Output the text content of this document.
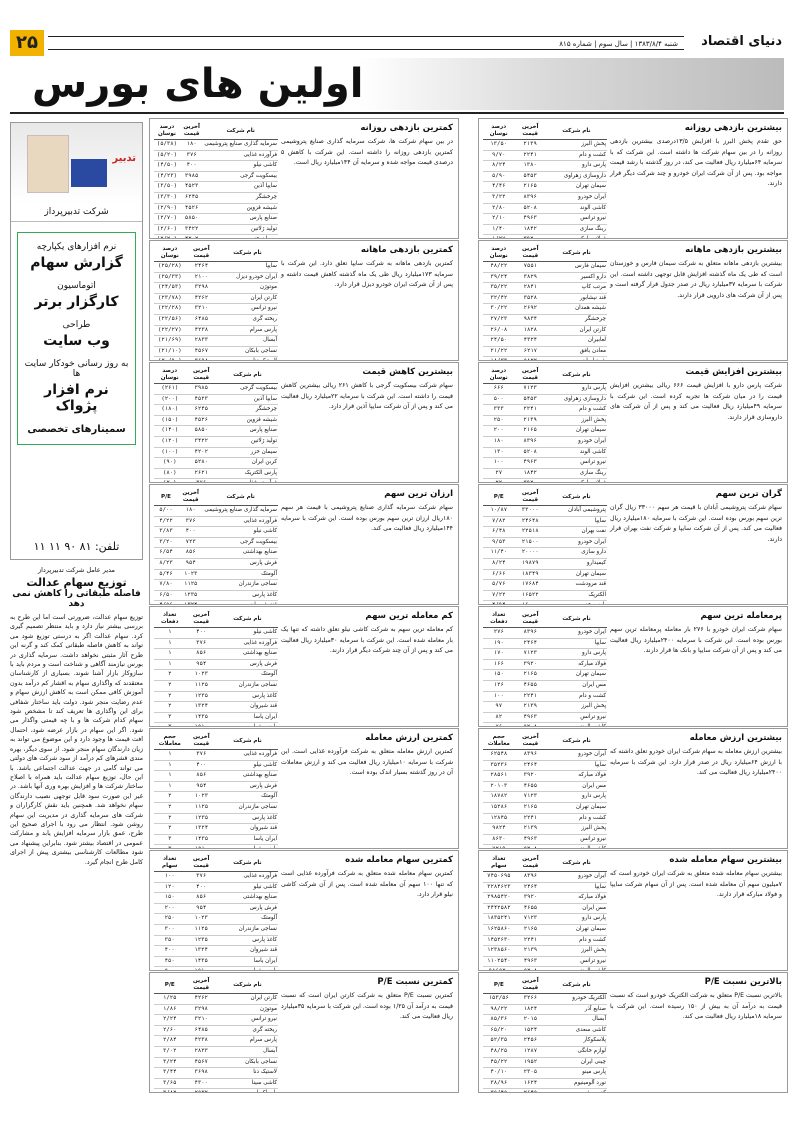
۲۵	شنبه ۱۳۸۳/۸/۴ | سال سوم | شماره ۸۱۵	دنیای اقتصاد
اولین های بورس
تدبیر
شرکت تدبیرپرداز
نرم افزارهای یکپارچه
گزارش سهام
اتوماسیون
کارگزار برتر
طراحی
وب سایت
به روز رسانی خودکار سایت ها
نرم افزار پژواک
سمینارهای تخصصی
تلفن: ۸۱ ۹۰ ۱۱ ۱۱
مدیر عامل شرکت تدبیرپرداز
توزیع سهام عدالت
فاصله طبقاتی را کاهش نمی دهد

توزیع سهام عدالت، ضرورتی است اما این طرح به بررسی بیشتر نیاز دارد و باید منتظر تصمیم گیری کرد. سهام عدالت اگر به درستی توزیع شود می تواند به کاهش فاصله طبقاتی کمک کند و گرنه این طرح آثار مثبتی نخواهد داشت. سرمایه گذاری در بورس نیازمند آگاهی و شناخت است و مردم باید با سازوکار بازار آشنا شوند. بسیاری از کارشناسان معتقدند که واگذاری سهام به اقشار کم درآمد بدون آموزش کافی ممکن است به کاهش ارزش سهام و عدم رضایت منجر شود. دولت باید ساختار شفافی برای این واگذاری ها تعریف کند تا مشخص شود سهام کدام شرکت ها و با چه قیمتی واگذار می شود. اگر این سهام در بازار عرضه شود، احتمال افت قیمت ها وجود دارد و این موضوع می تواند به زیان دارندگان سهام منجر شود. از سوی دیگر، بهره مندی قشرهای کم درآمد از سود شرکت های دولتی می تواند گامی در جهت عدالت اجتماعی باشد. با این حال، توزیع سهام عدالت باید همراه با اصلاح ساختار شرکت ها و افزایش بهره وری آنها باشد. در غیر این صورت سود قابل توجهی نصیب دارندگان سهام نخواهد شد. همچنین باید نقش کارگزاران و شرکت های سرمایه گذاری در مدیریت این سهام روشن شود. انتظار می رود با اجرای صحیح این طرح، عمق بازار سرمایه افزایش یابد و مشارکت عمومی در اقتصاد بیشتر شود. بنابراین پیشنهاد می شود مطالعات کارشناسی بیشتری پیش از اجرای کامل طرح انجام گیرد.

نام شرکت	آخرین قیمت	درصد نوسان
پخش البرز	۲۱۳۹	۱۳/۵۰
کشت و دام	۲۲۴۱	۹/۷۰
پارس دارو	۱۳۸۰	۸/۲۴
داروسازی زهراوی	۵۴۵۳	۵/۹۰
سیمان تهران	۲۱۶۵	۴/۴۶
ایران خودرو	۸۳۹۶	۳/۲۲
کاشی الوند	۵۲۰۸	۲/۸۰
نیرو ترانس	۴۹۶۳	۲/۱۰
رینگ سازی	۱۸۴۲	۱/۴۰

بیشترین بازدهی روزانه

حق تقدم پخش البرز با افزایش ۱۳/۵درصدی بیشترین بازدهی روزانه را در بین سهام شرکت ها داشته است. این شرکت که با سرمایه ۶۴میلیارد ریال فعالیت می کند، در روز گذشته با رشد قیمت مواجه بود. پس از آن شرکت ایران خودرو و چند شرکت دیگر قرار دارند.

نام شرکت	آخرین قیمت	درصد نوسان
سیمان فارس	۷۵۵۱	۴۸/۲۲
دارو اکسیر	۳۸۲۹	۳۹/۲۴
مرتب کاپ	۲۸۴۱	۳۵/۲۲
قند نیشابور	۳۵۲۸	۳۲/۴۲
شیشه همدان	۲۶۹۲	۳۰/۲۲
چرخشگر	۹۸۳۴	۲۷/۲۳
کارتن ایران	۱۸۲۸	۲۶/۰۸
لعابیران	۴۳۲۴	۲۴/۵۰
معادن بافق	۶۲۱۷	۲۱/۲۲

بیشترین بازدهی ماهانه

بیشترین بازدهی ماهانه متعلق به شرکت سیمان فارس و خوزستان است که طی یک ماه گذشته افزایش قابل توجهی داشته است. این شرکت با سرمایه ۳۷میلیارد ریال در صدر جدول قرار گرفته است و پس از آن شرکت های دارویی قرار دارند.

نام شرکت	آخرین قیمت	درصد نوسان
پارس دارو	۷۱۲۳	۶۶۶
داروسازی زهراوی	۵۴۵۳	۵۰۰
کشت و دام	۲۲۴۱	۳۳۳
پخش البرز	۲۱۳۹	۲۵۰
سیمان تهران	۲۱۶۵	۲۰۰
ایران خودرو	۸۳۹۶	۱۸۰
کاشی الوند	۵۲۰۸	۱۳۰
نیرو ترانس	۴۹۶۳	۱۰۰
رینگ سازی	۱۸۴۲	۲۷

بیشترین افزایش قیمت

شرکت پارس دارو با افزایش قیمت ۶۶۶ ریالی بیشترین افزایش قیمت را در میان شرکت ها تجربه کرده است. این شرکت با سرمایه ۴۹میلیارد ریال فعالیت می کند و پس از آن شرکت های داروسازی قرار دارند.

نام شرکت	آخرین قیمت	P/E
پتروشیمی آبادان	۳۳۰۰۰	۱۰/۸۷
سایپا	۲۴۶۴۸	۷/۸۲
نفت بهران	۲۲۵۱۸	۶/۴۸
ایران خودرو	۲۱۵۰۰	۹/۵۳
دارو سازی	۲۰۰۰۰	۱۱/۴۰
کیمیدارو	۱۹۸۷۹	۸/۲۴
سیمان تهران	۱۸۳۴۹	۶/۶۶
قند مرودشت	۱۷۶۸۴	۵/۷۶
الکتریک	۱۶۵۲۲	۷/۲۲

گران ترین سهم

سهام شرکت پتروشیمی آبادان با قیمت هر سهم ۳۳۰۰۰ ریال گران ترین سهم بورس بوده است. این شرکت با سرمایه ۱۸۰میلیارد ریال فعالیت می کند. پس از آن شرکت سایپا و شرکت نفت بهران قرار دارند.

نام شرکت	آخرین قیمت	تعداد دفعات
ایران خودرو	۸۳۹۶	۲۷۶
سایپا	۲۴۶۴	۱۹۰
پارس دارو	۷۱۲۳	۱۷۰
فولاد مبارکه	۳۹۲۰	۱۶۶
سیمان تهران	۲۱۶۵	۱۵۰
مس ایران	۴۶۵۵	۱۲۶
کشت و دام	۲۲۴۱	۱۰۰
پخش البرز	۲۱۳۹	۹۷
نیرو ترانس	۴۹۶۳	۸۲

پرمعامله ترین سهم

سهام شرکت ایران خودرو با ۲۷۶ بار معامله پرمعامله ترین سهم بورس بوده است. این شرکت با سرمایه ۲۴۰۰میلیارد ریال فعالیت می کند و پس از آن شرکت سایپا و بانک ها قرار دارند.

نام شرکت	آخرین قیمت	حجم معاملات
ایران خودرو	۸۳۹۶	۶۲۵۴۸
سایپا	۲۴۶۴	۳۵۲۳۶
فولاد مبارکه	۳۹۲۰	۲۸۵۶۱
مس ایران	۴۶۵۵	۲۰۱۰۳
پارس دارو	۷۱۲۳	۱۸۷۸۲
سیمان تهران	۲۱۶۵	۱۵۲۸۶
کشت و دام	۲۲۴۱	۱۲۸۴۵
پخش البرز	۲۱۳۹	۹۸۲۴
نیرو ترانس	۴۹۶۳	۸۶۳۰

بیشترین ارزش معامله

بیشترین ارزش معامله به سهام شرکت ایران خودرو تعلق داشته که با ارزش ۶۴میلیارد ریال در صدر قرار دارد. این شرکت با سرمایه ۲۴۰۰میلیارد ریال فعالیت می کند.

نام شرکت	آخرین قیمت	تعداد سهام
ایران خودرو	۸۳۹۶	۷۴۵۰۶۹۵
سایپا	۲۴۶۴	۳۲۸۴۶۲۳
فولاد مبارکه	۳۹۲۰	۲۹۸۵۴۲۰
مس ایران	۴۶۵۵	۲۴۴۲۵۸۲
پارس دارو	۷۱۲۳	۱۸۳۵۲۴۱
سیمان تهران	۲۱۶۵	۱۶۲۵۸۶۰
کشت و دام	۲۲۴۱	۱۴۵۲۶۳۰
پخش البرز	۲۱۳۹	۱۲۳۸۵۶۰
نیرو ترانس	۴۹۶۳	۱۱۰۲۵۴۰

بیشترین سهام معامله شده

بیشترین سهام معامله شده متعلق به شرکت ایران خودرو است که ۷میلیون سهم آن معامله شده است. پس از آن سهام شرکت سایپا و فولاد مبارکه قرار دارند.

نام شرکت	آخرین قیمت	P/E
الکتریک خودرو	۳۲۶۶	۱۵۳/۵۶
صنایع آذر	۱۸۲۴	۹۸/۲۲
آبسال	۲۰۱۵	۸۵/۳۶
کاشی سعدی	۱۵۲۴	۶۵/۲۰
پلاسکوکار	۲۴۵۶	۵۲/۳۵
لوازم خانگی	۱۲۸۷	۴۸/۲۵
چینی ایران	۱۹۵۲	۴۵/۲۲
پارس مینو	۲۳۰۵	۴۰/۱۰
نورد آلومینیوم	۱۶۲۴	۳۸/۹۶

بالاترین نسبت P/E

بالاترین نسبت P/E متعلق به شرکت الکتریک خودرو است که نسبت قیمت به درآمد آن به بیش از ۱۵۰ رسیده است. این شرکت با سرمایه ۱۸میلیارد ریال فعالیت می کند.

نام شرکت	آخرین قیمت	درصد نوسان
سرمایه گذاری صنایع پتروشیمی	۱۸۰	(۵/۳۸)
فرآورده غذایی	۳۷۶	(۵/۲۰)
کاشی نیلو	۴۰۰	(۴/۵۰)
بیسکویت گرجی	۳۹۸۵	(۴/۲۳)
سایپا آذین	۴۵۲۳	(۳/۵۰)
چرخشگر	۶۲۴۵	(۳/۳۰)
شیشه قزوین	۴۵۲۶	(۲/۹۰)
صنایع پارس	۵۸۵۰	(۲/۷۰)
تولید ژلاتین	۳۴۲۲	(۲/۶۰)

کمترین بازدهی روزانه

در بین سهام شرکت ها، شرکت سرمایه گذاری صنایع پتروشیمی کمترین بازدهی روزانه را داشته است. این شرکت با کاهش ۵ درصدی قیمت مواجه شده و سرمایه آن ۱۴۴میلیارد ریال است.

نام شرکت	آخرین قیمت	درصد نوسان
سایپا	۲۴۶۴	(۲۵/۲۸)
ایران خودرو دیزل	۲۱۰۰	(۲۵/۳۳)
موتوژن	۳۲۹۸	(۲۴/۵۳)
کارتن ایران	۴۲۶۲	(۲۳/۷۸)
نیرو ترانس	۳۲۱۰	(۲۲/۲۸)
ریخته گری	۶۴۸۵	(۲۲/۵۶)
پارس سرام	۴۲۳۸	(۲۲/۲۷)
آبسال	۲۸۳۳	(۲۱/۶۹)
نساجی بابکان	۴۵۶۷	(۲۱/۱۰)

کمترین بازدهی ماهانه

کمترین بازدهی ماهانه به شرکت سایپا تعلق دارد. این شرکت با سرمایه ۱۷۳میلیارد ریال طی یک ماه گذشته کاهش قیمت داشته و پس از آن شرکت ایران خودرو دیزل قرار دارد.

نام شرکت	آخرین قیمت	درصد نوسان
بیسکویت گرجی	۳۹۸۵	(۲۶۱)
سایپا آذین	۴۵۲۳	(۲۰۰)
چرخشگر	۶۲۴۵	(۱۸۰)
شیشه قزوین	۴۵۲۶	(۱۵۰)
صنایع پارس	۵۸۵۰	(۱۴۰)
تولید ژلاتین	۳۴۲۲	(۱۲۰)
سیمان خزر	۴۲۰۲	(۱۰۰)
کربن ایران	۵۲۸۰	(۹۰)
پارس الکتریک	۲۶۲۱	(۸۰)

بیشترین کاهش قیمت

سهام شرکت بیسکویت گرجی با کاهش ۲۶۱ ریالی بیشترین کاهش قیمت را داشته است. این شرکت با سرمایه ۲۲میلیارد ریال فعالیت می کند و پس از آن شرکت سایپا آذین قرار دارد.

نام شرکت	آخرین قیمت	P/E
سرمایه گذاری صنایع پتروشیمی	۱۸۰	۵/۰۰
فرآورده غذایی	۳۷۶	۴/۲۲
کاشی نیلو	۴۰۰	۳/۸۳
بیسکویت گرجی	۷۲۳	۳/۲۰
صنایع بهداشتی	۸۵۶	۶/۵۴
فرش پارس	۹۵۴	۸/۲۳
آلومتک	۱۰۲۳	۵/۴۶
نساجی مازندران	۱۱۲۵	۷/۸۰
کاغذ پارس	۱۲۳۵	۶/۵۰

ارزان ترین سهم

سهام شرکت سرمایه گذاری صنایع پتروشیمی با قیمت هر سهم ۱۸۰ریال ارزان ترین سهم بورس بوده است. این شرکت با سرمایه ۱۴۴میلیارد ریال فعالیت می کند.

نام شرکت	آخرین قیمت	تعداد دفعات
کاشی نیلو	۴۰۰	۱
فرآورده غذایی	۳۷۶	۱
صنایع بهداشتی	۸۵۶	۱
فرش پارس	۹۵۴	۱
آلومتک	۱۰۲۳	۲
نساجی مازندران	۱۱۲۵	۲
کاغذ پارس	۱۲۳۵	۲
قند شیروان	۱۳۲۴	۲
ایران یاسا	۱۴۳۵	۳

کم معامله ترین سهم

کم معامله ترین سهم به شرکت کاشی نیلو تعلق داشته که تنها یک بار معامله شده است. این شرکت با سرمایه ۳۰میلیارد ریال فعالیت می کند و پس از آن چند شرکت دیگر قرار دارند.

نام شرکت	آخرین قیمت	حجم معاملات
فرآورده غذایی	۳۷۶	۱
کاشی نیلو	۴۰۰	۱
صنایع بهداشتی	۸۵۶	۱
فرش پارس	۹۵۴	۱
آلومتک	۱۰۲۳	۲
نساجی مازندران	۱۱۲۵	۲
کاغذ پارس	۱۲۳۵	۲
قند شیروان	۱۳۲۴	۲
ایران یاسا	۱۴۳۵	۳

کمترین ارزش معامله

کمترین ارزش معامله متعلق به شرکت فرآورده غذایی است. این شرکت با سرمایه ۱۰میلیارد ریال فعالیت می کند و ارزش معاملات آن در روز گذشته بسیار اندک بوده است.

نام شرکت	آخرین قیمت	تعداد سهام
فرآورده غذایی	۳۷۶	۱۰۰
کاشی نیلو	۴۰۰	۱۲۰
صنایع بهداشتی	۸۵۶	۱۵۰
فرش پارس	۹۵۴	۲۰۰
آلومتک	۱۰۲۳	۲۵۰
نساجی مازندران	۱۱۲۵	۳۰۰
کاغذ پارس	۱۲۳۵	۳۵۰
قند شیروان	۱۳۲۴	۴۰۰
ایران یاسا	۱۴۳۵	۴۵۰

کمترین سهام معامله شده

کمترین سهام معامله شده متعلق به شرکت فرآورده غذایی است که تنها ۱۰۰ سهم آن معامله شده است. پس از آن شرکت کاشی نیلو قرار دارد.

نام شرکت	آخرین قیمت	P/E
کارتن ایران	۴۲۶۲	۱/۲۵
موتوژن	۳۲۹۸	۱/۸۶
نیرو ترانس	۳۲۱۰	۲/۲۴
ریخته گری	۶۴۸۵	۲/۶۰
پارس سرام	۴۲۳۸	۲/۸۴
آبسال	۲۸۳۳	۳/۰۲
نساجی بابکان	۴۵۶۷	۳/۲۴
لاستیک دنا	۳۶۹۸	۳/۴۴
کاشی سینا	۴۳۰۰	۳/۶۵

کمترین نسبت P/E

کمترین نسبت P/E متعلق به شرکت کارتن ایران است که نسبت قیمت به درآمد آن ۱/۲۵ بوده است. این شرکت با سرمایه ۳۵میلیارد ریال فعالیت می کند.
